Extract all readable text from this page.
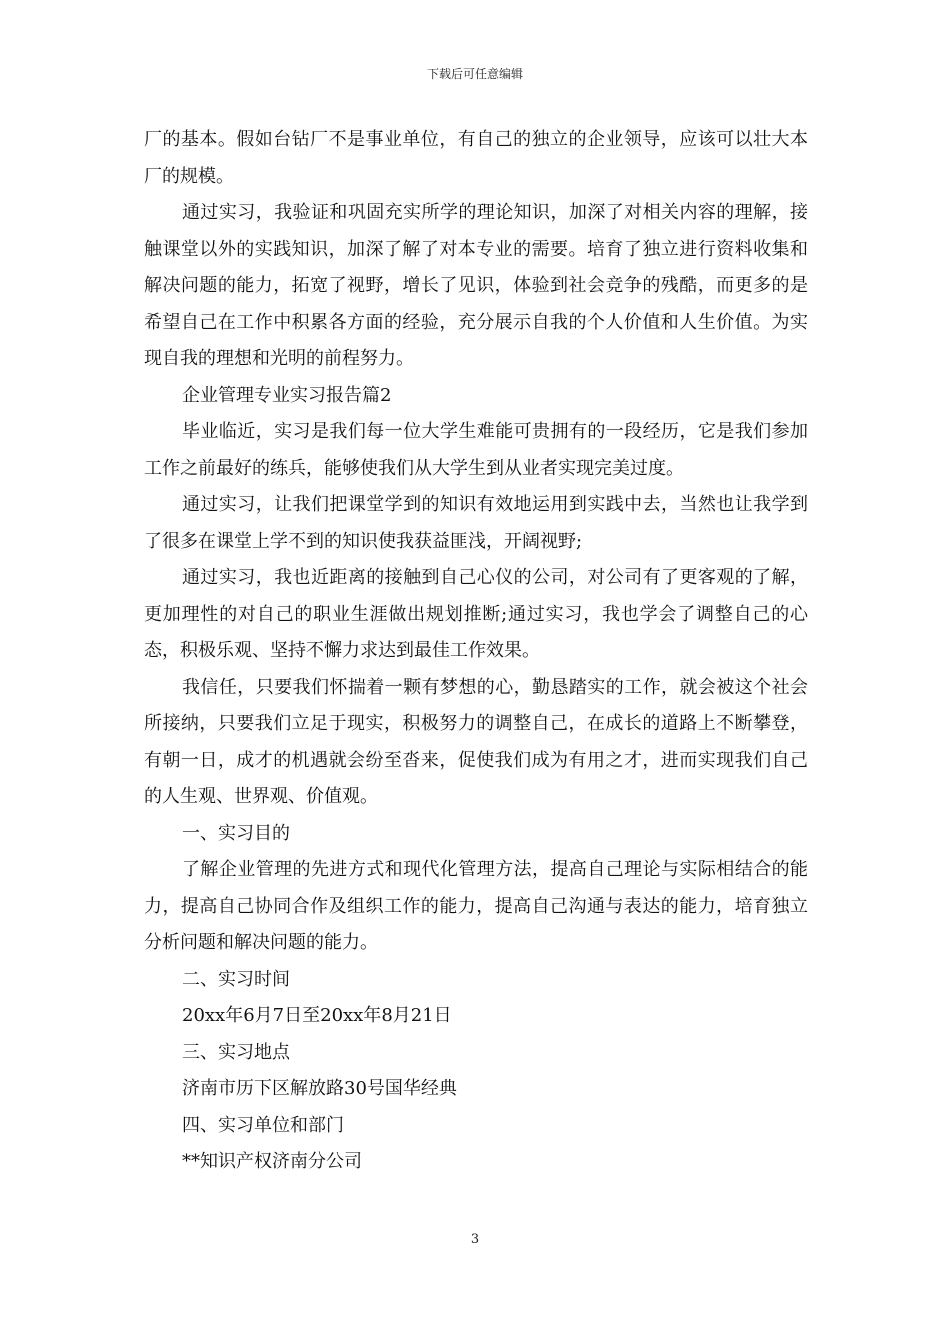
下载后可任意编辑

厂的基本。假如台钻厂不是事业单位，有自己的独立的企业领导，应该可以壮大本厂的规模。

通过实习，我验证和巩固充实所学的理论知识，加深了对相关内容的理解，接触课堂以外的实践知识，加深了解了对本专业的需要。培育了独立进行资料收集和解决问题的能力，拓宽了视野，增长了见识，体验到社会竞争的残酷，而更多的是希望自己在工作中积累各方面的经验，充分展示自我的个人价值和人生价值。为实现自我的理想和光明的前程努力。

企业管理专业实习报告篇2

毕业临近，实习是我们每一位大学生难能可贵拥有的一段经历，它是我们参加工作之前最好的练兵，能够使我们从大学生到从业者实现完美过度。

通过实习，让我们把课堂学到的知识有效地运用到实践中去，当然也让我学到了很多在课堂上学不到的知识使我获益匪浅，开阔视野;

通过实习，我也近距离的接触到自己心仪的公司，对公司有了更客观的了解，更加理性的对自己的职业生涯做出规划推断;通过实习，我也学会了调整自己的心态，积极乐观、坚持不懈力求达到最佳工作效果。

我信任，只要我们怀揣着一颗有梦想的心，勤恳踏实的工作，就会被这个社会所接纳，只要我们立足于现实，积极努力的调整自己，在成长的道路上不断攀登，有朝一日，成才的机遇就会纷至沓来，促使我们成为有用之才，进而实现我们自己的人生观、世界观、价值观。

一、实习目的

了解企业管理的先进方式和现代化管理方法，提高自己理论与实际相结合的能力，提高自己协同合作及组织工作的能力，提高自己沟通与表达的能力，培育独立分析问题和解决问题的能力。

二、实习时间

20xx年6月7日至20xx年8月21日

三、实习地点

济南市历下区解放路30号国华经典

四、实习单位和部门

**知识产权济南分公司

3
